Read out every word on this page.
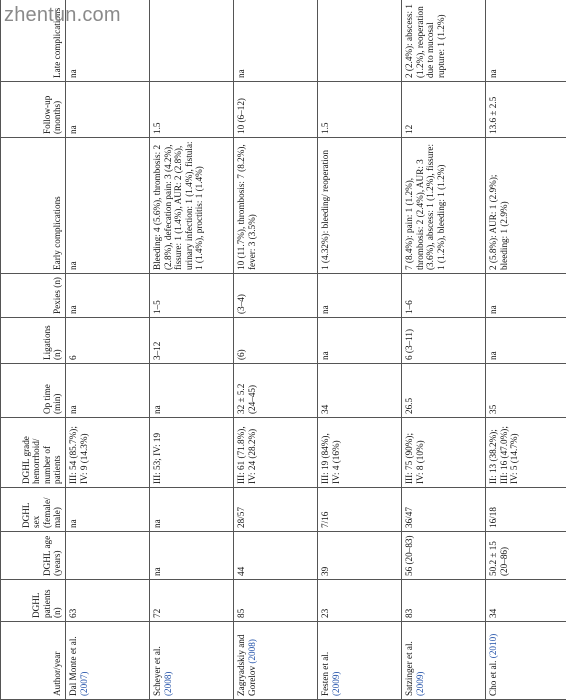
zhentun.com
Author/year	DGHL patients (n)	DGHL age (years)	DGHL sex (female/ male)	DGHL grade hemorrhoid/ number of patients	Op time (min)	Ligations (n)	Pexies (n)	Early complications	Follow-up (months)	Late complications
Dal Monte et al.
(2007)	63		na	III: 54 (85.7%); IV: 9 (14.3%)	na	6	na	na	na	na
Scheyer et al.
(2008)	72	na	na	III: 53; IV: 19	na	3–12	1–5	Bleeding: 4 (5.6%), thrombosis: 2 (2.8%), defecation pain: 3 (4.2%), fissure: 1 (1.4%), AUR: 2 (2.8%), urinary infection: 1 (1.4%), fistula: 1 (1.4%), proctitis: 1 (1.4%)	1.5	
Zagryadskiy and Gorelov (2008)	85	44	28/57	III: 61 (71.8%), IV: 24 (28.2%)	32 ± 5.2 (24–45)	(6)	(3–4)	10 (11.7%), thrombosis: 7 (8.2%), fever: 3 (3.5%)	10 (6–12)	na
Festen et al.
(2009)	23	39	7/16	III: 19 (84%), IV: 4 (16%)	34	na	na	1 (4.32%): bleeding/ reoperation	1.5	
Satzinger et al.
(2009)	83	56 (20–83)	36/47	III: 75 (90%); IV: 8 (10%)	26.5	6 (3–11)	1–6	7 (8.4%): pain: 1 (1.2%), thrombosis: 2 (2.4%), AUR: 3 (3.6%), abscess: 1 (1.2%), fissure: 1 (1.2%), bleeding: 1 (1.2%)	12	2 (2.4%): abscess: 1 (1.2%), reoperation due to mucosal rupture: 1 (1.2%)
Cho et al. (2010)	34	50.2 ± 15 (20–86)	16/18	II: 13 (38.2%); III: 16 (47.0%); IV: 5 (14.7%)	35	na	na	2 (5.8%): AUR: 1 (2.9%); bleeding: 1 (2.9%)	13.6 ± 2.5	na
